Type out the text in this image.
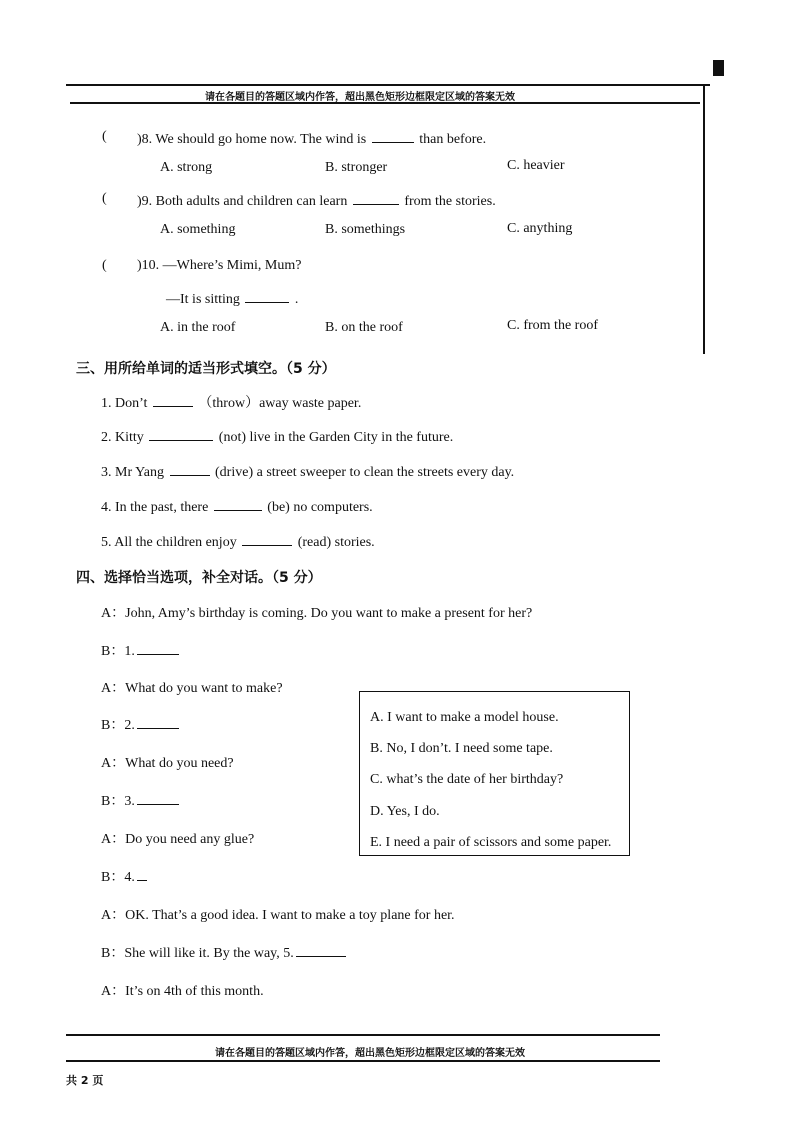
请在各题目的答题区域内作答，超出黑色矩形边框限定区域的答案无效
( )8. We should go home now. The wind is	than before.
A. strong	B. stronger	C. heavier
( )9. Both adults and children can learn	from the stories.
A. something	B. somethings	C. anything
( )10. —Where’s Mimi, Mum?
—It is sitting	.
A. in the roof	B. on the roof	C. from the roof
三、用所给单词的适当形式填空。（5 分）
1. Don’t	（throw）away waste paper.
2. Kitty	(not) live in the Garden City in the future.
3. Mr Yang	(drive) a street sweeper to clean the streets every day.
4. In the past, there	(be) no computers.
5. All the children enjoy	(read) stories.
四、选择恰当选项，补全对话。（5 分）
A：John, Amy’s birthday is coming. Do you want to make a present for her?
B：1.
A：What do you want to make?
B：2.
A：What do you need?
B：3.
A：Do you need any glue?
B：4.
A：OK. That’s a good idea. I want to make a toy plane for her.
B：She will like it. By the way, 5.
A：It’s on 4th of this month.
A. I want to make a model house.
B. No, I don’t. I need some tape.
C. what’s the date of her birthday?
D. Yes, I do.
E. I need a pair of scissors and some paper.
请在各题目的答题区域内作答，超出黑色矩形边框限定区域的答案无效
共 2 页
